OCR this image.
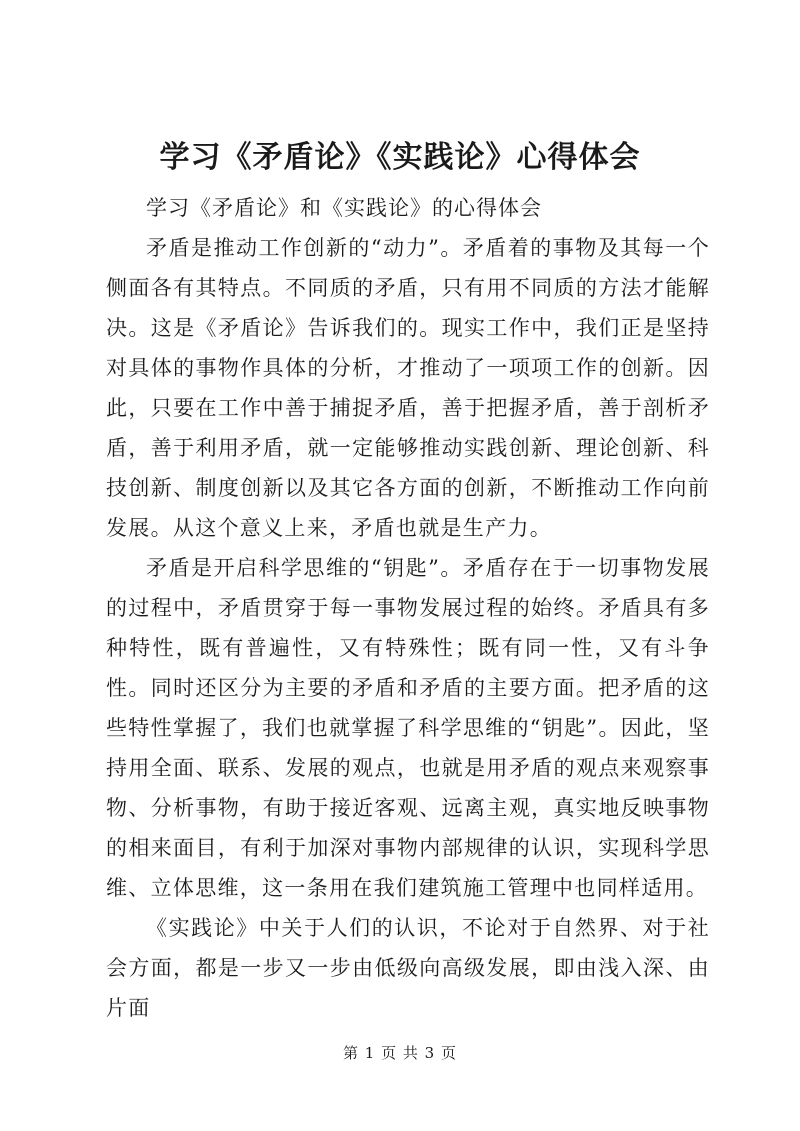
学习《矛盾论》《实践论》心得体会

学习《矛盾论》和《实践论》的心得体会

矛盾是推动工作创新的“动力”。矛盾着的事物及其每一个侧面各有其特点。不同质的矛盾，只有用不同质的方法才能解决。这是《矛盾论》告诉我们的。现实工作中，我们正是坚持对具体的事物作具体的分析，才推动了一项项工作的创新。因此，只要在工作中善于捕捉矛盾，善于把握矛盾，善于剖析矛盾，善于利用矛盾，就一定能够推动实践创新、理论创新、科技创新、制度创新以及其它各方面的创新，不断推动工作向前发展。从这个意义上来，矛盾也就是生产力。

矛盾是开启科学思维的“钥匙”。矛盾存在于一切事物发展的过程中，矛盾贯穿于每一事物发展过程的始终。矛盾具有多种特性，既有普遍性，又有特殊性；既有同一性，又有斗争性。同时还区分为主要的矛盾和矛盾的主要方面。把矛盾的这些特性掌握了，我们也就掌握了科学思维的“钥匙”。因此，坚持用全面、联系、发展的观点，也就是用矛盾的观点来观察事物、分析事物，有助于接近客观、远离主观，真实地反映事物的相来面目，有利于加深对事物内部规律的认识，实现科学思维、立体思维，这一条用在我们建筑施工管理中也同样适用。

《实践论》中关于人们的认识，不论对于自然界、对于社会方面，都是一步又一步由低级向高级发展，即由浅入深、由片面

第 1 页 共 3 页
